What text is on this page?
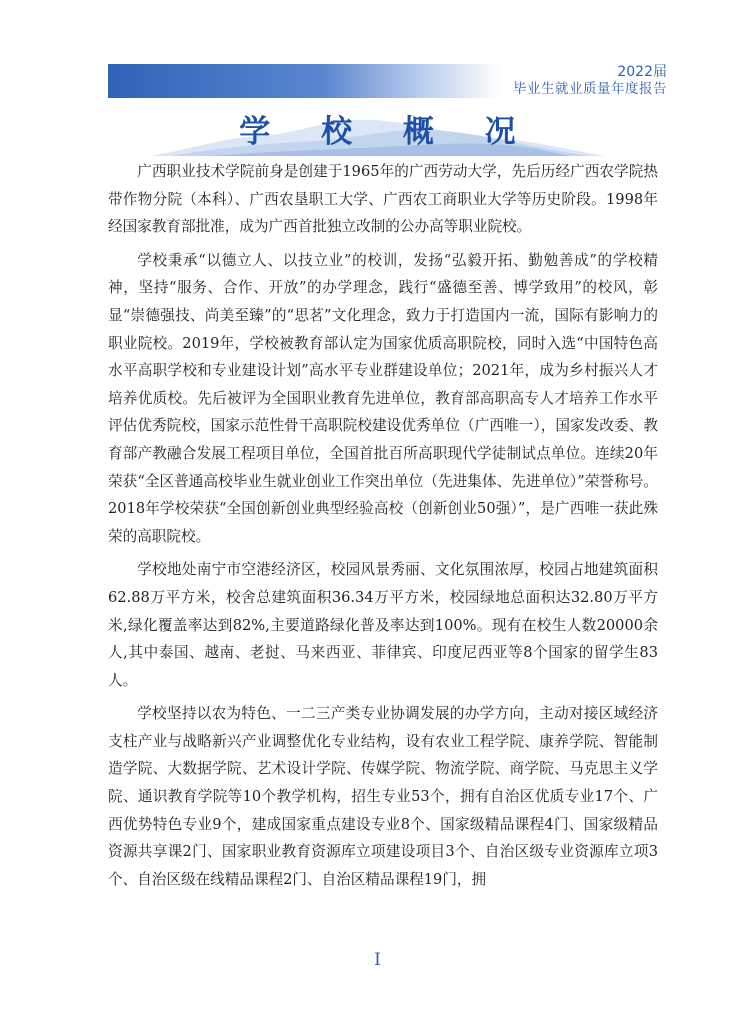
2022届
毕业生就业质量年度报告
学 校 概 况

广西职业技术学院前身是创建于1965年的广西劳动大学，先后历经广西农学院热带作物分院（本科）、广西农垦职工大学、广西农工商职业大学等历史阶段。1998年经国家教育部批准，成为广西首批独立改制的公办高等职业院校。

学校秉承“以德立人、以技立业”的校训，发扬“弘毅开拓、勤勉善成”的学校精神，坚持“服务、合作、开放”的办学理念，践行“盛德至善、博学致用”的校风，彰显“崇德强技、尚美至臻”的“思茗”文化理念，致力于打造国内一流，国际有影响力的职业院校。2019年，学校被教育部认定为国家优质高职院校，同时入选“中国特色高水平高职学校和专业建设计划”高水平专业群建设单位；2021年，成为乡村振兴人才培养优质校。先后被评为全国职业教育先进单位，教育部高职高专人才培养工作水平评估优秀院校，国家示范性骨干高职院校建设优秀单位（广西唯一），国家发改委、教育部产教融合发展工程项目单位，全国首批百所高职现代学徒制试点单位。连续20年荣获“全区普通高校毕业生就业创业工作突出单位（先进集体、先进单位）”荣誉称号。2018年学校荣获“全国创新创业典型经验高校（创新创业50强）”，是广西唯一获此殊荣的高职院校。

学校地处南宁市空港经济区，校园风景秀丽、文化氛围浓厚，校园占地建筑面积62.88万平方米，校舍总建筑面积36.34万平方米，校园绿地总面积达32.80万平方米,绿化覆盖率达到82%,主要道路绿化普及率达到100%。现有在校生人数20000余人,其中泰国、越南、老挝、马来西亚、菲律宾、印度尼西亚等8个国家的留学生83人。

学校坚持以农为特色、一二三产类专业协调发展的办学方向，主动对接区域经济支柱产业与战略新兴产业调整优化专业结构，设有农业工程学院、康养学院、智能制造学院、大数据学院、艺术设计学院、传媒学院、物流学院、商学院、马克思主义学院、通识教育学院等10个教学机构，招生专业53个，拥有自治区优质专业17个、广西优势特色专业9个，建成国家重点建设专业8个、国家级精品课程4门、国家级精品资源共享课2门、国家职业教育资源库立项建设项目3个、自治区级专业资源库立项3个、自治区级在线精品课程2门、自治区精品课程19门，拥

I
